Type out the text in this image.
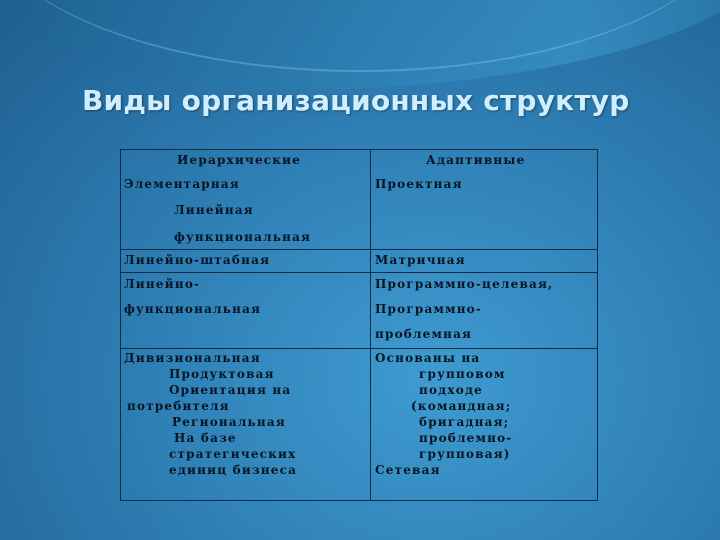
Виды организационных структур
Иерархические	Адаптивные
Элементарная
Линейная
функциональная
Проектная
Линейно-штабная	Матричная
Линейно-
функциональная
Программно-целевая,
Программно-
проблемная
Дивизиональная
Продуктовая
Ориентация на
потребителя
Региональная
На базе
стратегических
единиц бизнеса
Основаны на
групповом
подходе
(командная;
бригадная;
проблемно-
групповая)
Сетевая
